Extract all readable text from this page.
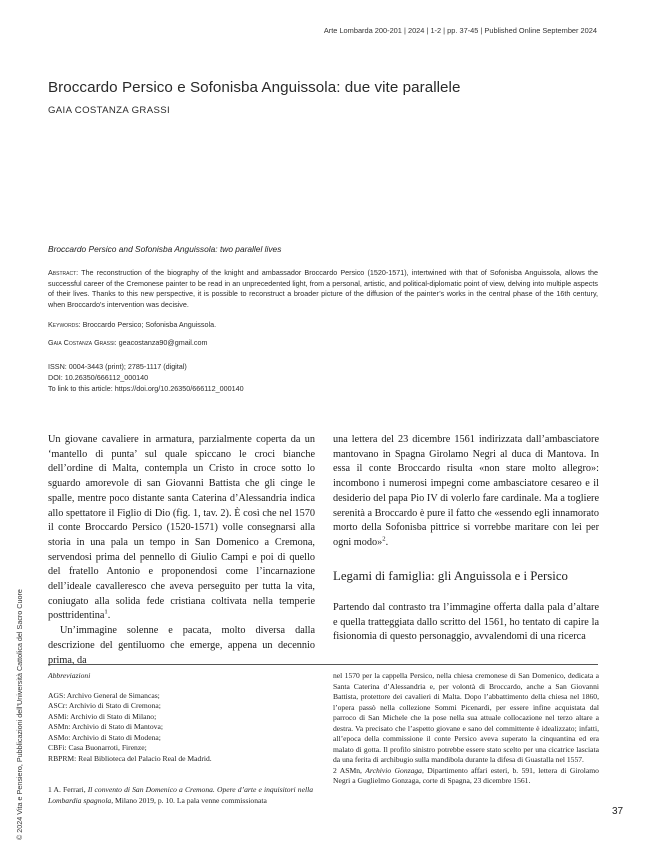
Arte Lombarda 200-201 | 2024 | 1-2 | pp. 37-45 | Published Online September 2024
Broccardo Persico e Sofonisba Anguissola: due vite parallele
GAIA COSTANZA GRASSI
Broccardo Persico and Sofonisba Anguissola: two parallel lives
Abstract: The reconstruction of the biography of the knight and ambassador Broccardo Persico (1520-1571), intertwined with that of Sofonisba Anguissola, allows the successful career of the Cremonese painter to be read in an unprecedented light, from a personal, artistic, and political-diplomatic point of view, delving into multiple aspects of their lives. Thanks to this new perspective, it is possible to reconstruct a broader picture of the diffusion of the painter’s works in the central phase of the 16th century, when Broccardo’s intervention was decisive.
Keywords: Broccardo Persico; Sofonisba Anguissola.
Gaia Costanza Grassi: geacostanza90@gmail.com
ISSN: 0004-3443 (print); 2785-1117 (digital)
DOI: 10.26350/666112_000140
To link to this article: https://doi.org/10.26350/666112_000140

Un giovane cavaliere in armatura, parzialmente coperta da un ‘mantello di punta’ sul quale spiccano le croci bianche dell’ordine di Malta, contempla un Cristo in croce sotto lo sguardo amorevole di san Giovanni Battista che gli cinge le spalle, mentre poco distante santa Caterina d’Alessandria indica allo spettatore il Figlio di Dio (fig. 1, tav. 2). È così che nel 1570 il conte Broccardo Persico (1520-1571) volle consegnarsi alla storia in una pala un tempo in San Domenico a Cremona, servendosi prima del pennello di Giulio Campi e poi di quello del fratello Antonio e proponendosi come l’incarnazione dell’ideale cavalleresco che aveva perseguito per tutta la vita, coniugato alla solida fede cristiana coltivata nella temperie posttridentina$^1$.

Un’immagine solenne e pacata, molto diversa dalla descrizione del gentiluomo che emerge, appena un decennio prima, da

una lettera del 23 dicembre 1561 indirizzata dall’ambasciatore mantovano in Spagna Girolamo Negri al duca di Mantova. In essa il conte Broccardo risulta «non stare molto allegro»: incombono i numerosi impegni come ambasciatore cesareo e il desiderio del papa Pio IV di volerlo fare cardinale. Ma a togliere serenità a Broccardo è pure il fatto che «essendo egli innamorato morto della Sofonisba pittrice si vorrebbe maritare con lei per ogni modo»$^2$.

Legami di famiglia: gli Anguissola e i Persico

Partendo dal contrasto tra l’immagine offerta dalla pala d’altare e quella tratteggiata dallo scritto del 1561, ho tentato di capire la fisionomia di questo personaggio, avvalendomi di una ricerca

Abbreviazioni

AGS: Archivo General de Simancas;

ASCr: Archivio di Stato di Cremona;

ASMi: Archivio di Stato di Milano;

ASMn: Archivio di Stato di Mantova;

ASMo: Archivio di Stato di Modena;

CBFi: Casa Buonarroti, Firenze;

RBPRM: Real Biblioteca del Palacio Real de Madrid.

1 A. Ferrari, Il convento di San Domenico a Cremona. Opere d’arte e inquisitori nella Lombardia spagnola, Milano 2019, p. 10. La pala venne commissionata

nel 1570 per la cappella Persico, nella chiesa cremonese di San Domenico, dedicata a Santa Caterina d’Alessandria e, per volontà di Broccardo, anche a San Giovanni Battista, protettore dei cavalieri di Malta. Dopo l’abbattimento della chiesa nel 1860, l’opera passò nella collezione Sommi Picenardi, per essere infine acquistata dal parroco di San Michele che la pose nella sua attuale collocazione nel terzo altare a destra. Va precisato che l’aspetto giovane e sano del committente è idealizzato; infatti, all’epoca della commissione il conte Persico aveva superato la cinquantina ed era malato di gotta. Il profilo sinistro potrebbe essere stato scelto per una cicatrice lasciata da una ferita di archibugio sulla mandibola durante la difesa di Guastalla nel 1557.

2 ASMn, Archivio Gonzaga, Dipartimento affari esteri, b. 591, lettera di Girolamo Negri a Guglielmo Gonzaga, corte di Spagna, 23 dicembre 1561.

37
© 2024 Vita e Pensiero, Pubblicazioni dell’Università Cattolica del Sacro Cuore
